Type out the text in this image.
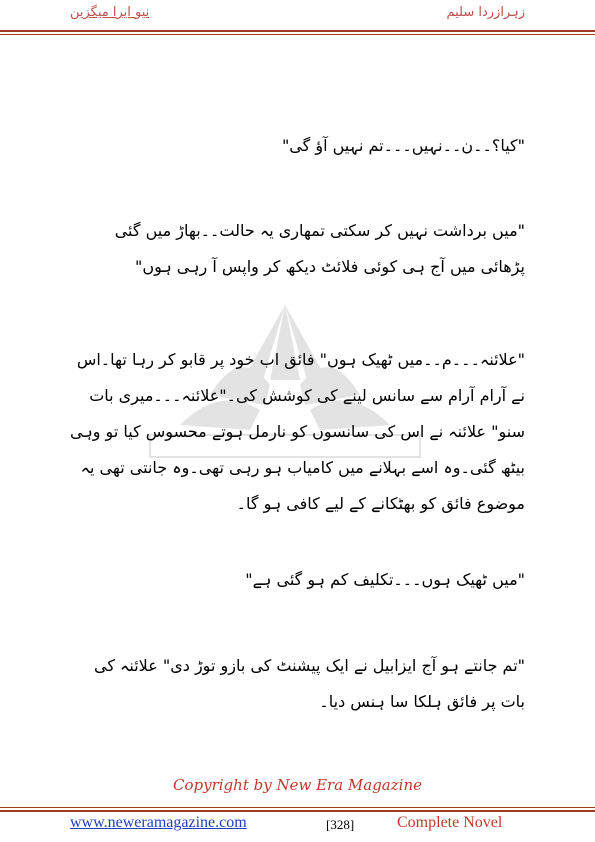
زہرازردا سلیم
نیو ایرا میگزین
"کیا؟۔۔ن۔۔نہیں۔۔۔تم نہیں آؤ گی"
"میں برداشت نہیں کر سکتی تمھاری یہ حالت۔۔بھاڑ میں گئی پڑھائی میں آج ہی کوئی فلائٹ دیکھ کر واپس آ رہی ہوں"
"علائنہ۔۔۔م۔۔میں ٹھیک ہوں" فائق اب خود پر قابو کر رہا تھا۔اس نے آرام آرام سے سانس لینے کی کوشش کی۔"علائنہ۔۔۔میری بات سنو" علائنہ نے اس کی سانسوں کو نارمل ہوتے محسوس کیا تو وہی بیٹھ گئی۔وہ اسے بہلانے میں کامیاب ہو رہی تھی۔وہ جانتی تھی یہ موضوع فائق کو بھٹکانے کے لیے کافی ہو گا۔
"میں ٹھیک ہوں۔۔۔تکلیف کم ہو گئی ہے"
"تم جانتے ہو آج ایزابیل نے ایک پیشنٹ کی بازو توڑ دی" علائنہ کی بات پر فائق ہلکا سا ہنس دیا۔
Copyright by New Era Magazine
www.neweramagazine.com	[328]	Complete Novel
